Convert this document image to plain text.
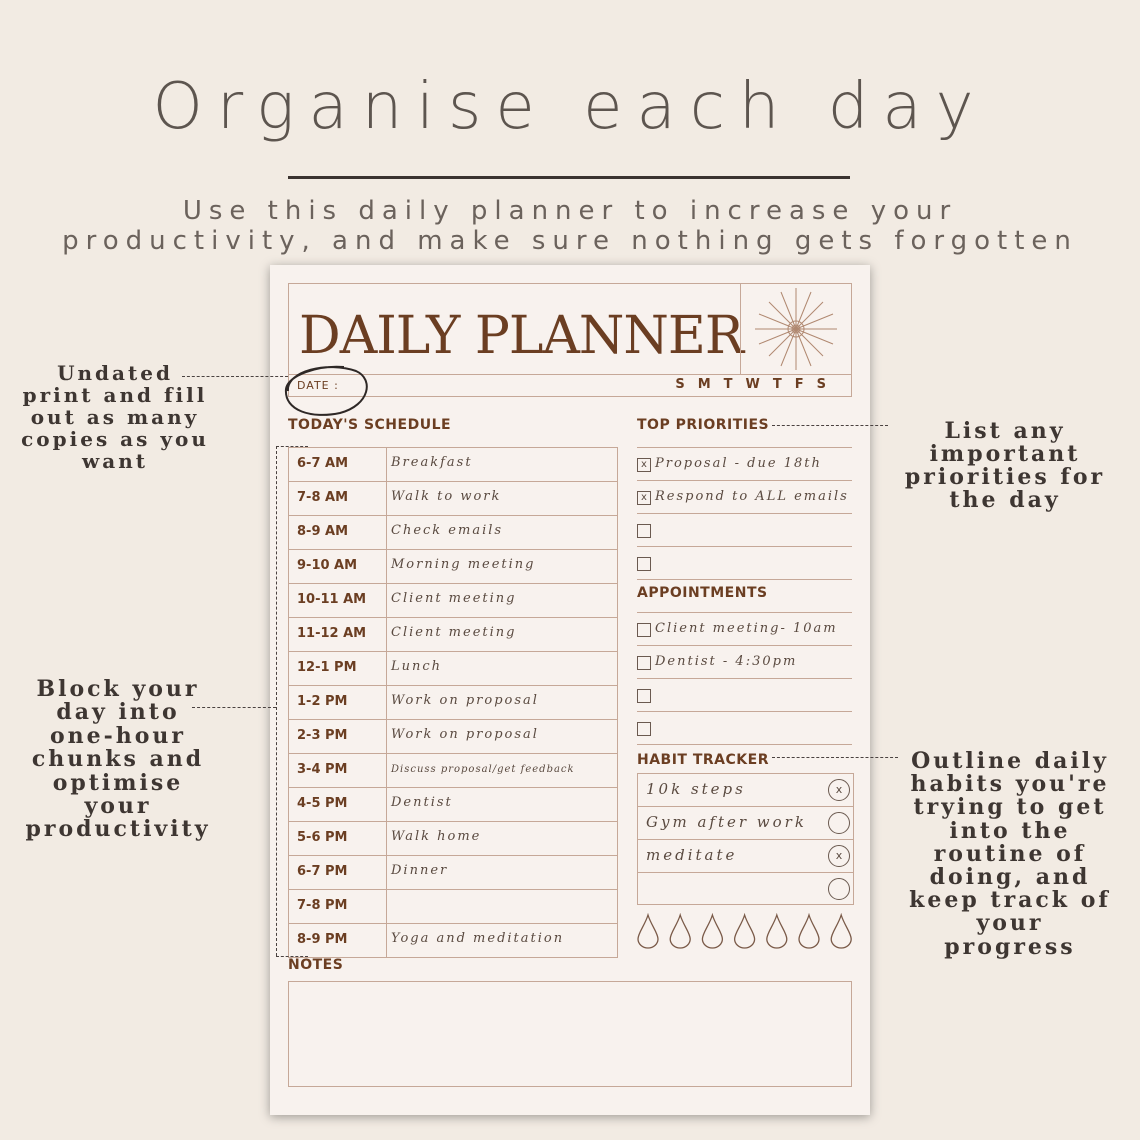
Organise each day
Use this daily planner to increase your
productivity, and make sure nothing gets forgotten
DAILY PLANNER
DATE :	SMTWTFS
TODAY'S SCHEDULE
6-7 AM	Breakfast
7-8 AM	Walk to work
8-9 AM	Check emails
9-10 AM	Morning meeting
10-11 AM Client meeting
11-12 AM Client meeting
12-1 PM	Lunch
1-2 PM	Work on proposal
2-3 PM	Work on proposal
3-4 PM	Discuss proposal/get feedback
4-5 PM	Dentist
5-6 PM	Walk home
6-7 PM	Dinner
7-8 PM
8-9 PM	Yoga and meditation
TOP PRIORITIES
x Proposal - due 18th
x Respond to ALL emails
APPOINTMENTS
Client meeting- 10am
Dentist - 4:30pm
HABIT TRACKER
10k steps	x
Gym after work
meditate	x
NOTES
Undated
print and fill
out as many
copies as you
want
List any
important
priorities for
the day
Block your
day into
one-hour
chunks and
optimise
your
productivity
Outline daily
habits you're
trying to get
into the
routine of
doing, and
keep track of
your
progress
